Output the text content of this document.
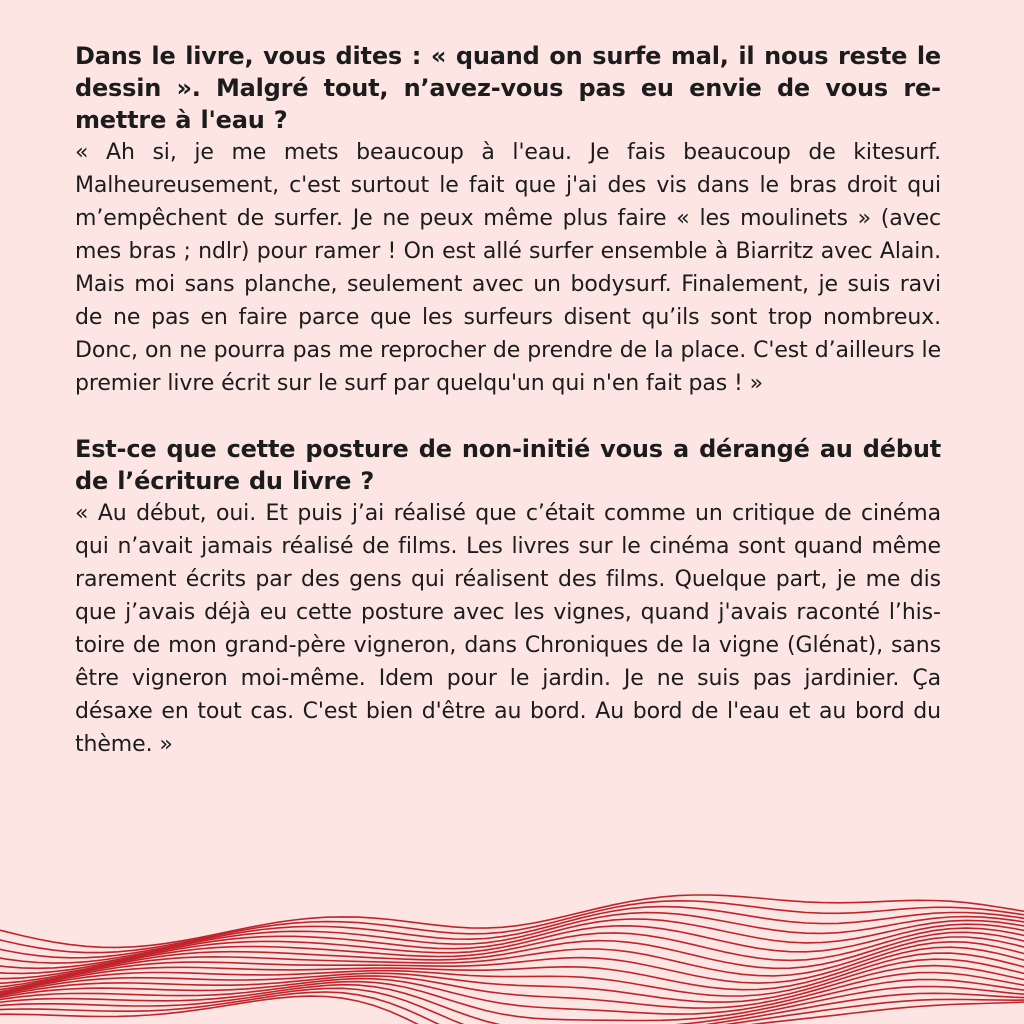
Dans le livre, vous dites : « quand on surfe mal, il nous reste le dessin ». Malgré tout, n’avez-vous pas eu envie de vous remettre à l'eau ?

« Ah si, je me mets beaucoup à l'eau. Je fais beaucoup de kitesurf. Malheureusement, c'est surtout le fait que j'ai des vis dans le bras droit qui m’empêchent de surfer. Je ne peux même plus faire « les moulinets » (avec mes bras ; ndlr) pour ramer ! On est allé surfer ensemble à Biarritz avec Alain. Mais moi sans planche, seulement avec un bodysurf. Finalement, je suis ravi de ne pas en faire parce que les surfeurs disent qu’ils sont trop nombreux. Donc, on ne pourra pas me reprocher de prendre de la place. C'est d’ailleurs le premier livre écrit sur le surf par quelqu'un qui n'en fait pas ! »

Est-ce que cette posture de non-initié vous a dérangé au début de l’écriture du livre ?

« Au début, oui. Et puis j’ai réalisé que c’était comme un critique de cinéma qui n’avait jamais réalisé de films. Les livres sur le cinéma sont quand même rarement écrits par des gens qui réalisent des films. Quelque part, je me dis que j’avais déjà eu cette posture avec les vignes, quand j'avais raconté l’histoire de mon grand-père vigneron, dans Chroniques de la vigne (Glénat), sans être vigneron moi-même. Idem pour le jardin. Je ne suis pas jardinier. Ça désaxe en tout cas. C'est bien d'être au bord. Au bord de l'eau et au bord du thème. »
